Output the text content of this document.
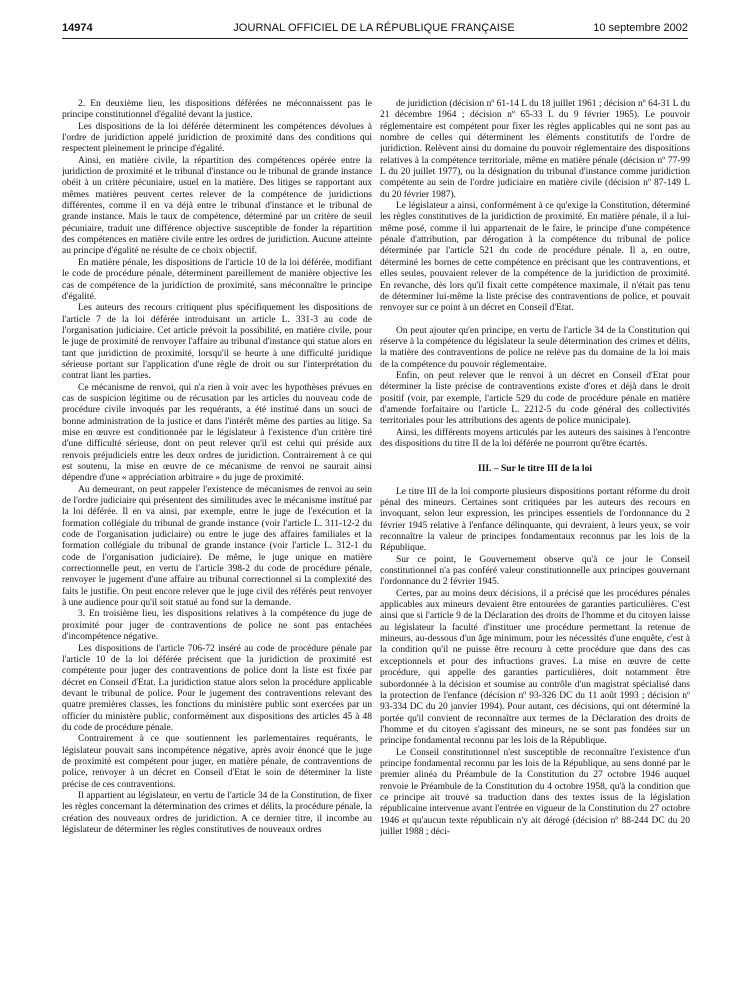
14974	JOURNAL OFFICIEL DE LA RÉPUBLIQUE FRANÇAISE	10 septembre 2002

2. En deuxième lieu, les dispositions déférées ne méconnaissent pas le principe constitutionnel d'égalité devant la justice.

Les dispositions de la loi déférée déterminent les compétences dévolues à l'ordre de juridiction appelé juridiction de proximité dans des conditions qui respectent pleinement le principe d'égalité.

Ainsi, en matière civile, la répartition des compétences opérée entre la juridiction de proximité et le tribunal d'instance ou le tribunal de grande instance obéit à un critère pécuniaire, usuel en la matière. Des litiges se rapportant aux mêmes matières peuvent certes relever de la compétence de juridictions différentes, comme il en va déjà entre le tribunal d'instance et le tribunal de grande instance. Mais le taux de compétence, déterminé par un critère de seuil pécuniaire, traduit une différence objective susceptible de fonder la répartition des compétences en matière civile entre les ordres de juridiction. Aucune atteinte au principe d'égalité ne résulte de ce choix objectif.

En matière pénale, les dispositions de l'article 10 de la loi déférée, modifiant le code de procédure pénale, déterminent pareillement de manière objective les cas de compétence de la juridiction de proximité, sans méconnaître le principe d'égalité.

Les auteurs des recours critiquent plus spécifiquement les dispositions de l'article 7 de la loi déférée introduisant un article L. 331-3 au code de l'organisation judiciaire. Cet article prévoit la possibilité, en matière civile, pour le juge de proximité de renvoyer l'affaire au tribunal d'instance qui statue alors en tant que juridiction de proximité, lorsqu'il se heurte à une difficulté juridique sérieuse portant sur l'application d'une règle de droit ou sur l'interprétation du contrat liant les parties.

Ce mécanisme de renvoi, qui n'a rien à voir avec les hypothèses prévues en cas de suspicion légitime ou de récusation par les articles du nouveau code de procédure civile invoqués par les requérants, a été institué dans un souci de bonne administration de la justice et dans l'intérêt même des parties au litige. Sa mise en œuvre est conditionnée par le législateur à l'existence d'un critère tiré d'une difficulté sérieuse, dont on peut relever qu'il est celui qui préside aux renvois préjudiciels entre les deux ordres de juridiction. Contrairement à ce qui est soutenu, la mise en œuvre de ce mécanisme de renvoi ne saurait ainsi dépendre d'une « appréciation arbitraire » du juge de proximité.

Au demeurant, on peut rappeler l'existence de mécanismes de renvoi au sein de l'ordre judiciaire qui présentent des similitudes avec le mécanisme institué par la loi déférée. Il en va ainsi, par exemple, entre le juge de l'exécution et la formation collégiale du tribunal de grande instance (voir l'article L. 311-12-2 du code de l'organisation judiciaire) ou entre le juge des affaires familiales et la formation collégiale du tribunal de grande instance (voir l'article L. 312-1 du code de l'organisation judiciaire). De même, le juge unique en matière correctionnelle peut, en vertu de l'article 398-2 du code de procédure pénale, renvoyer le jugement d'une affaire au tribunal correctionnel si la complexité des faits le justifie. On peut encore relever que le juge civil des référés peut renvoyer à une audience pour qu'il soit statué au fond sur la demande.

3. En troisième lieu, les dispositions relatives à la compétence du juge de proximité pour juger de contraventions de police ne sont pas entachées d'incompétence négative.

Les dispositions de l'article 706-72 inséré au code de procédure pénale par l'article 10 de la loi déférée précisent que la juridiction de proximité est compétente pour juger des contraventions de police dont la liste est fixée par décret en Conseil d'Etat. La juridiction statue alors selon la procédure applicable devant le tribunal de police. Pour le jugement des contraventions relevant des quatre premières classes, les fonctions du ministère public sont exercées par un officier du ministère public, conformément aux dispositions des articles 45 à 48 du code de procédure pénale.

Contrairement à ce que soutiennent les parlementaires requérants, le législateur pouvait sans incompétence négative, après avoir énoncé que le juge de proximité est compétent pour juger, en matière pénale, de contraventions de police, renvoyer à un décret en Conseil d'Etat le soin de déterminer la liste précise de ces contraventions.

Il appartient au législateur, en vertu de l'article 34 de la Constitution, de fixer les règles concernant la détermination des crimes et délits, la procédure pénale, la création des nouveaux ordres de juridiction. A ce dernier titre, il incombe au législateur de déterminer les règles constitutives de nouveaux ordres

de juridiction (décision nº 61-14 L du 18 juillet 1961 ; décision nº 64-31 L du 21 décembre 1964 ; décision nº 65-33 L du 9 février 1965). Le pouvoir réglementaire est compétent pour fixer les règles applicables qui ne sont pas au nombre de celles qui déterminent les éléments constitutifs de l'ordre de juridiction. Relèvent ainsi du domaine du pouvoir réglementaire des dispositions relatives à la compétence territoriale, même en matière pénale (décision nº 77-99 L du 20 juillet 1977), ou la désignation du tribunal d'instance comme juridiction compétente au sein de l'ordre judiciaire en matière civile (décision nº 87-149 L du 20 février 1987).

Le législateur a ainsi, conformément à ce qu'exige la Constitution, déterminé les règles constitutives de la juridiction de proximité. En matière pénale, il a lui-même posé, comme il lui appartenait de le faire, le principe d'une compétence pénale d'attribution, par dérogation à la compétence du tribunal de police déterminée par l'article 521 du code de procédure pénale. Il a, en outre, déterminé les bornes de cette compétence en précisant que les contraventions, et elles seules, pouvaient relever de la compétence de la juridiction de proximité. En revanche, dès lors qu'il fixait cette compétence maximale, il n'était pas tenu de déterminer lui-même la liste précise des contraventions de police, et pouvait renvoyer sur ce point à un décret en Conseil d'Etat.

On peut ajouter qu'en principe, en vertu de l'article 34 de la Constitution qui réserve à la compétence du législateur la seule détermination des crimes et délits, la matière des contraventions de police ne relève pas du domaine de la loi mais de la compétence du pouvoir réglementaire.

Enfin, on peut relever que le renvoi à un décret en Conseil d'Etat pour déterminer la liste précise de contraventions existe d'ores et déjà dans le droit positif (voir, par exemple, l'article 529 du code de procédure pénale en matière d'amende forfaitaire ou l'article L. 2212-5 du code général des collectivités territoriales pour les attributions des agents de police municipale).

Ainsi, les différents moyens articulés par les auteurs des saisines à l'encontre des dispositions du titre II de la loi déférée ne pourront qu'être écartés.

III. – Sur le titre III de la loi

Le titre III de la loi comporte plusieurs dispositions portant réforme du droit pénal des mineurs. Certaines sont critiquées par les auteurs des recours en invoquant, selon leur expression, les principes essentiels de l'ordonnance du 2 février 1945 relative à l'enfance délinquante, qui devraient, à leurs yeux, se voir reconnaître la valeur de principes fondamentaux reconnus par les lois de la République.

Sur ce point, le Gouvernement observe qu'à ce jour le Conseil constitutionnel n'a pas conféré valeur constitutionnelle aux principes gouvernant l'ordonnance du 2 février 1945.

Certes, par au moins deux décisions, il a précisé que les procédures pénales applicables aux mineurs devaient être entourées de garanties particulières. C'est ainsi que si l'article 9 de la Déclaration des droits de l'homme et du citoyen laisse au législateur la faculté d'instituer une procédure permettant la retenue de mineurs, au-dessous d'un âge minimum, pour les nécessités d'une enquête, c'est à la condition qu'il ne puisse être recouru à cette procédure que dans des cas exceptionnels et pour des infractions graves. La mise en œuvre de cette procédure, qui appelle des garanties particulières, doit notamment être subordonnée à la décision et soumise au contrôle d'un magistrat spécialisé dans la protection de l'enfance (décision nº 93-326 DC du 11 août 1993 ; décision nº 93-334 DC du 20 janvier 1994). Pour autant, ces décisions, qui ont déterminé la portée qu'il convient de reconnaître aux termes de la Déclaration des droits de l'homme et du citoyen s'agissant des mineurs, ne se sont pas fondées sur un principe fondamental reconnu par les lois de la République.

Le Conseil constitutionnel n'est susceptible de reconnaître l'existence d'un principe fondamental reconnu par les lois de la République, au sens donné par le premier alinéa du Préambule de la Constitution du 27 octobre 1946 auquel renvoie le Préambule de la Constitution du 4 octobre 1958, qu'à la condition que ce principe ait trouvé sa traduction dans des textes issus de la législation républicaine intervenue avant l'entrée en vigueur de la Constitution du 27 octobre 1946 et qu'aucun texte républicain n'y ait dérogé (décision nº 88-244 DC du 20 juillet 1988 ; déci-
